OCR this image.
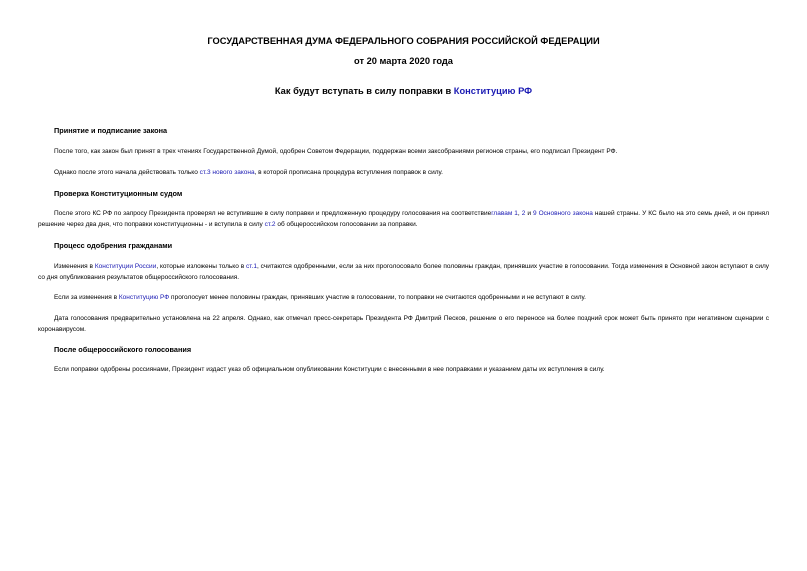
ГОСУДАРСТВЕННАЯ ДУМА ФЕДЕРАЛЬНОГО СОБРАНИЯ РОССИЙСКОЙ ФЕДЕРАЦИИ
от 20 марта 2020 года
Как будут вступать в силу поправки в Конституцию РФ
Принятие и подписание закона

После того, как закон был принят в трех чтениях Государственной Думой, одобрен Советом Федерации, поддержан всеми заксобраниями регионов страны, его подписал Президент РФ.

Однако после этого начала действовать только ст.3 нового закона, в которой прописана процедура вступления поправок в силу.

Проверка Конституционным судом

После этого КС РФ по запросу Президента проверял не вступившие в силу поправки и предложенную процедуру голосования на соответствиеглавам 1, 2 и 9 Основного закона нашей страны. У КС было на это семь дней, и он принял решение через два дня, что поправки конституционны - и вступила в силу ст.2 об общероссийском голосовании за поправки.

Процесс одобрения гражданами

Изменения в Конституции России, которые изложены только в ст.1, считаются одобренными, если за них проголосовало более половины граждан, принявших участие в голосовании. Тогда изменения в Основной закон вступают в силу со дня опубликования результатов общероссийского голосования.

Если за изменения в Конституцию РФ проголосует менее половины граждан, принявших участие в голосовании, то поправки не считаются одобренными и не вступают в силу.

Дата голосования предварительно установлена на 22 апреля. Однако, как отмечал пресс-секретарь Президента РФ Дмитрий Песков, решение о его переносе на более поздний срок может быть принято при негативном сценарии с коронавирусом.

После общероссийского голосования

Если поправки одобрены россиянами, Президент издаст указ об официальном опубликовании Конституции с внесенными в нее поправками и указанием даты их вступления в силу.
